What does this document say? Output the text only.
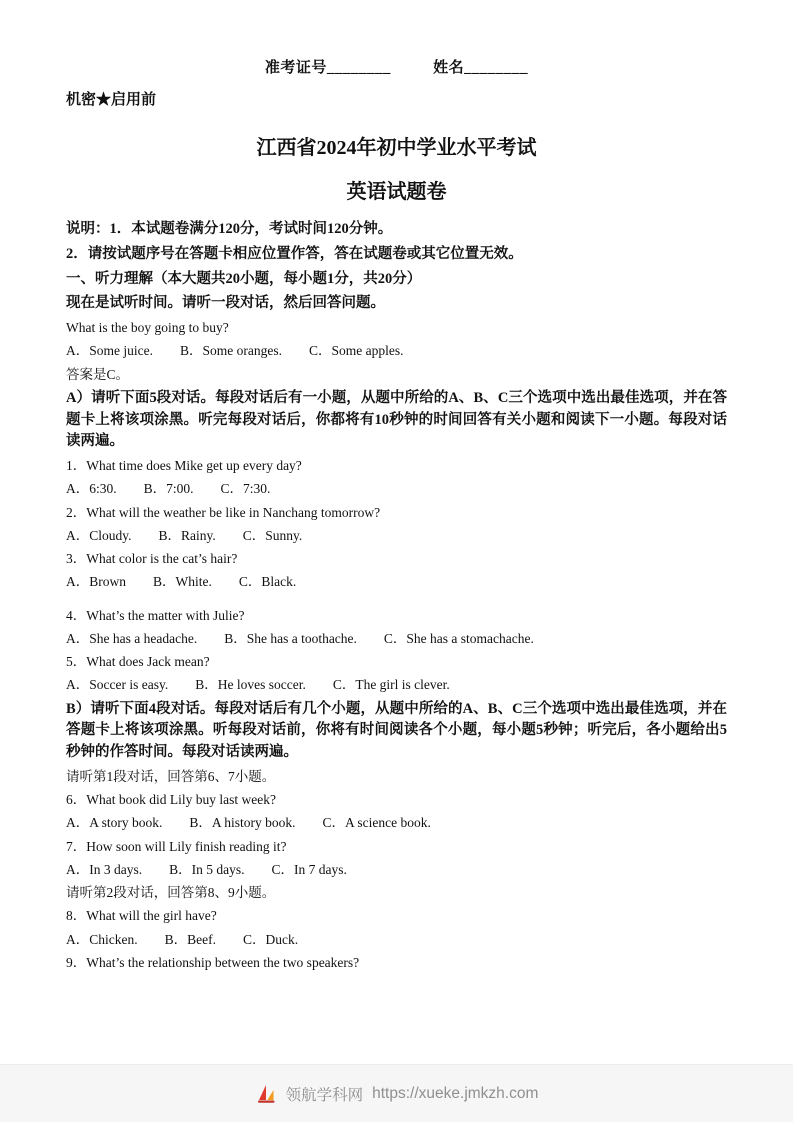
准考证号________	姓名________
机密★启用前
江西省2024年初中学业水平考试
英语试题卷
说明：1．本试题卷满分120分，考试时间120分钟。
2．请按试题序号在答题卡相应位置作答，答在试题卷或其它位置无效。
一、听力理解（本大题共20小题，每小题1分，共20分）
现在是试听时间。请听一段对话，然后回答问题。
What is the boy going to buy?
A．Some juice.　　B．Some oranges.　　C．Some apples.
答案是C。
A）请听下面5段对话。每段对话后有一小题，从题中所给的A、B、C三个选项中选出最佳选项，并在答题卡上将该项涂黑。听完每段对话后，你都将有10秒钟的时间回答有关小题和阅读下一小题。每段对话读两遍。
1．What time does Mike get up every day?
A．6:30.　　B．7:00.　　C．7:30.
2．What will the weather be like in Nanchang tomorrow?
A．Cloudy.　　B．Rainy.　　C．Sunny.
3．What color is the cat’s hair?
A．Brown　　B．White.　　C．Black.
4．What’s the matter with Julie?
A．She has a headache.　　B．She has a toothache.　　C．She has a stomachache.
5．What does Jack mean?
A．Soccer is easy.　　B．He loves soccer.　　C．The girl is clever.
B）请听下面4段对话。每段对话后有几个小题，从题中所给的A、B、C三个选项中选出最佳选项，并在答题卡上将该项涂黑。听每段对话前，你将有时间阅读各个小题，每小题5秒钟；听完后，各小题给出5秒钟的作答时间。每段对话读两遍。
请听第1段对话，回答第6、7小题。
6．What book did Lily buy last week?
A．A story book.　　B．A history book.　　C．A science book.
7．How soon will Lily finish reading it?
A．In 3 days.　　B．In 5 days.　　C．In 7 days.
请听第2段对话，回答第8、9小题。
8．What will the girl have?
A．Chicken.　　B．Beef.　　C．Duck.
9．What’s the relationship between the two speakers?
领航学科网 https://xueke.jmkzh.com
